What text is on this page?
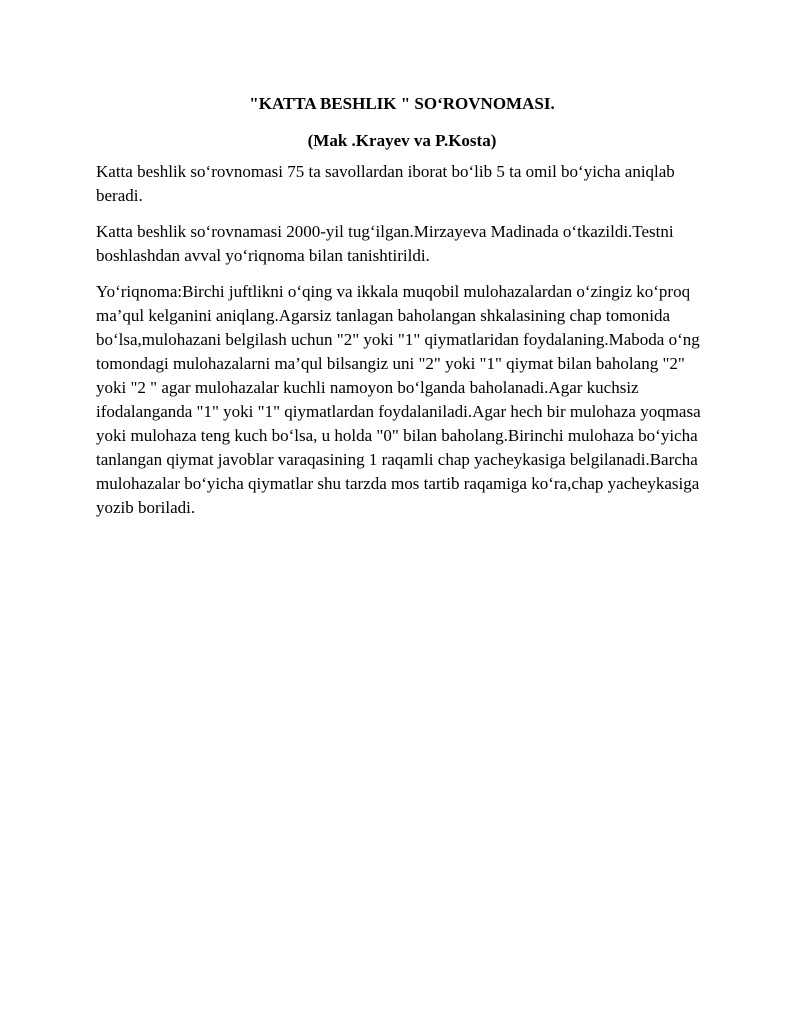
"KATTA BESHLIK " SO‘ROVNOMASI.

(Mak .Krayev va P.Kosta)

Katta beshlik so‘rovnomasi 75 ta savollardan iborat bo‘lib 5 ta omil bo‘yicha aniqlab beradi.

Katta beshlik so‘rovnamasi 2000-yil tug‘ilgan.Mirzayeva Madinada o‘tkazildi.Testni boshlashdan avval yo‘riqnoma bilan tanishtirildi.

Yo‘riqnoma:Birchi juftlikni o‘qing va ikkala muqobil mulohazalardan o‘zingiz ko‘proq ma’qul kelganini aniqlang.Agarsiz tanlagan baholangan shkalasining chap tomonida bo‘lsa,mulohazani belgilash uchun "2" yoki "1" qiymatlaridan foydalaning.Maboda o‘ng tomondagi mulohazalarni ma’qul bilsangiz uni "2" yoki "1" qiymat bilan baholang "2" yoki "2 " agar mulohazalar kuchli namoyon bo‘lganda baholanadi.Agar kuchsiz ifodalanganda "1" yoki "1" qiymatlardan foydalaniladi.Agar hech bir mulohaza yoqmasa yoki mulohaza teng kuch bo‘lsa, u holda "0" bilan baholang.Birinchi mulohaza bo‘yicha tanlangan qiymat javoblar varaqasining 1 raqamli chap yacheykasiga belgilanadi.Barcha mulohazalar bo‘yicha qiymatlar shu tarzda mos tartib raqamiga ko‘ra,chap yacheykasiga yozib boriladi.
